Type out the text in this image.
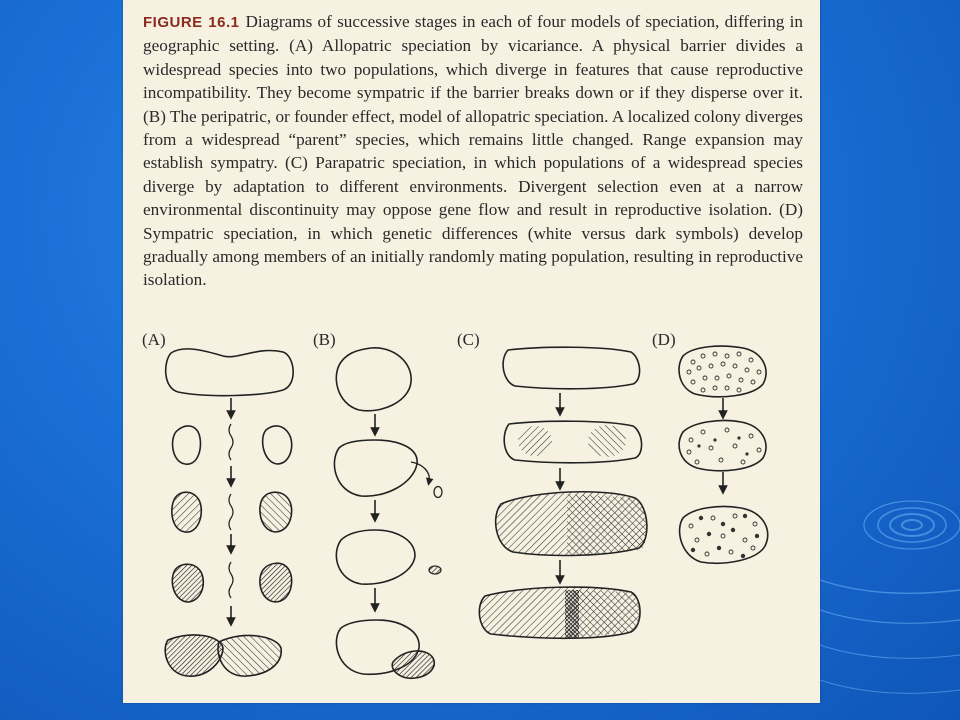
FIGURE 16.1 Diagrams of successive stages in each of four models of speciation, differing in geographic setting. (A) Allopatric speciation by vicariance. A physical barrier divides a widespread species into two populations, which diverge in features that cause reproductive incompatibility. They become sympatric if the barrier breaks down or if they disperse over it. (B) The peripatric, or founder effect, model of allopatric speciation. A localized colony diverges from a widespread “parent” species, which remains little changed. Range expansion may establish sympatry. (C) Parapatric speciation, in which populations of a widespread species diverge by adaptation to different environments. Divergent selection even at a narrow environmental discontinuity may oppose gene flow and result in reproductive isolation. (D) Sympatric speciation, in which genetic differences (white versus dark symbols) develop gradually among members of an initially randomly mating population, resulting in reproductive isolation.
(A)	(B)	(C)	(D)
